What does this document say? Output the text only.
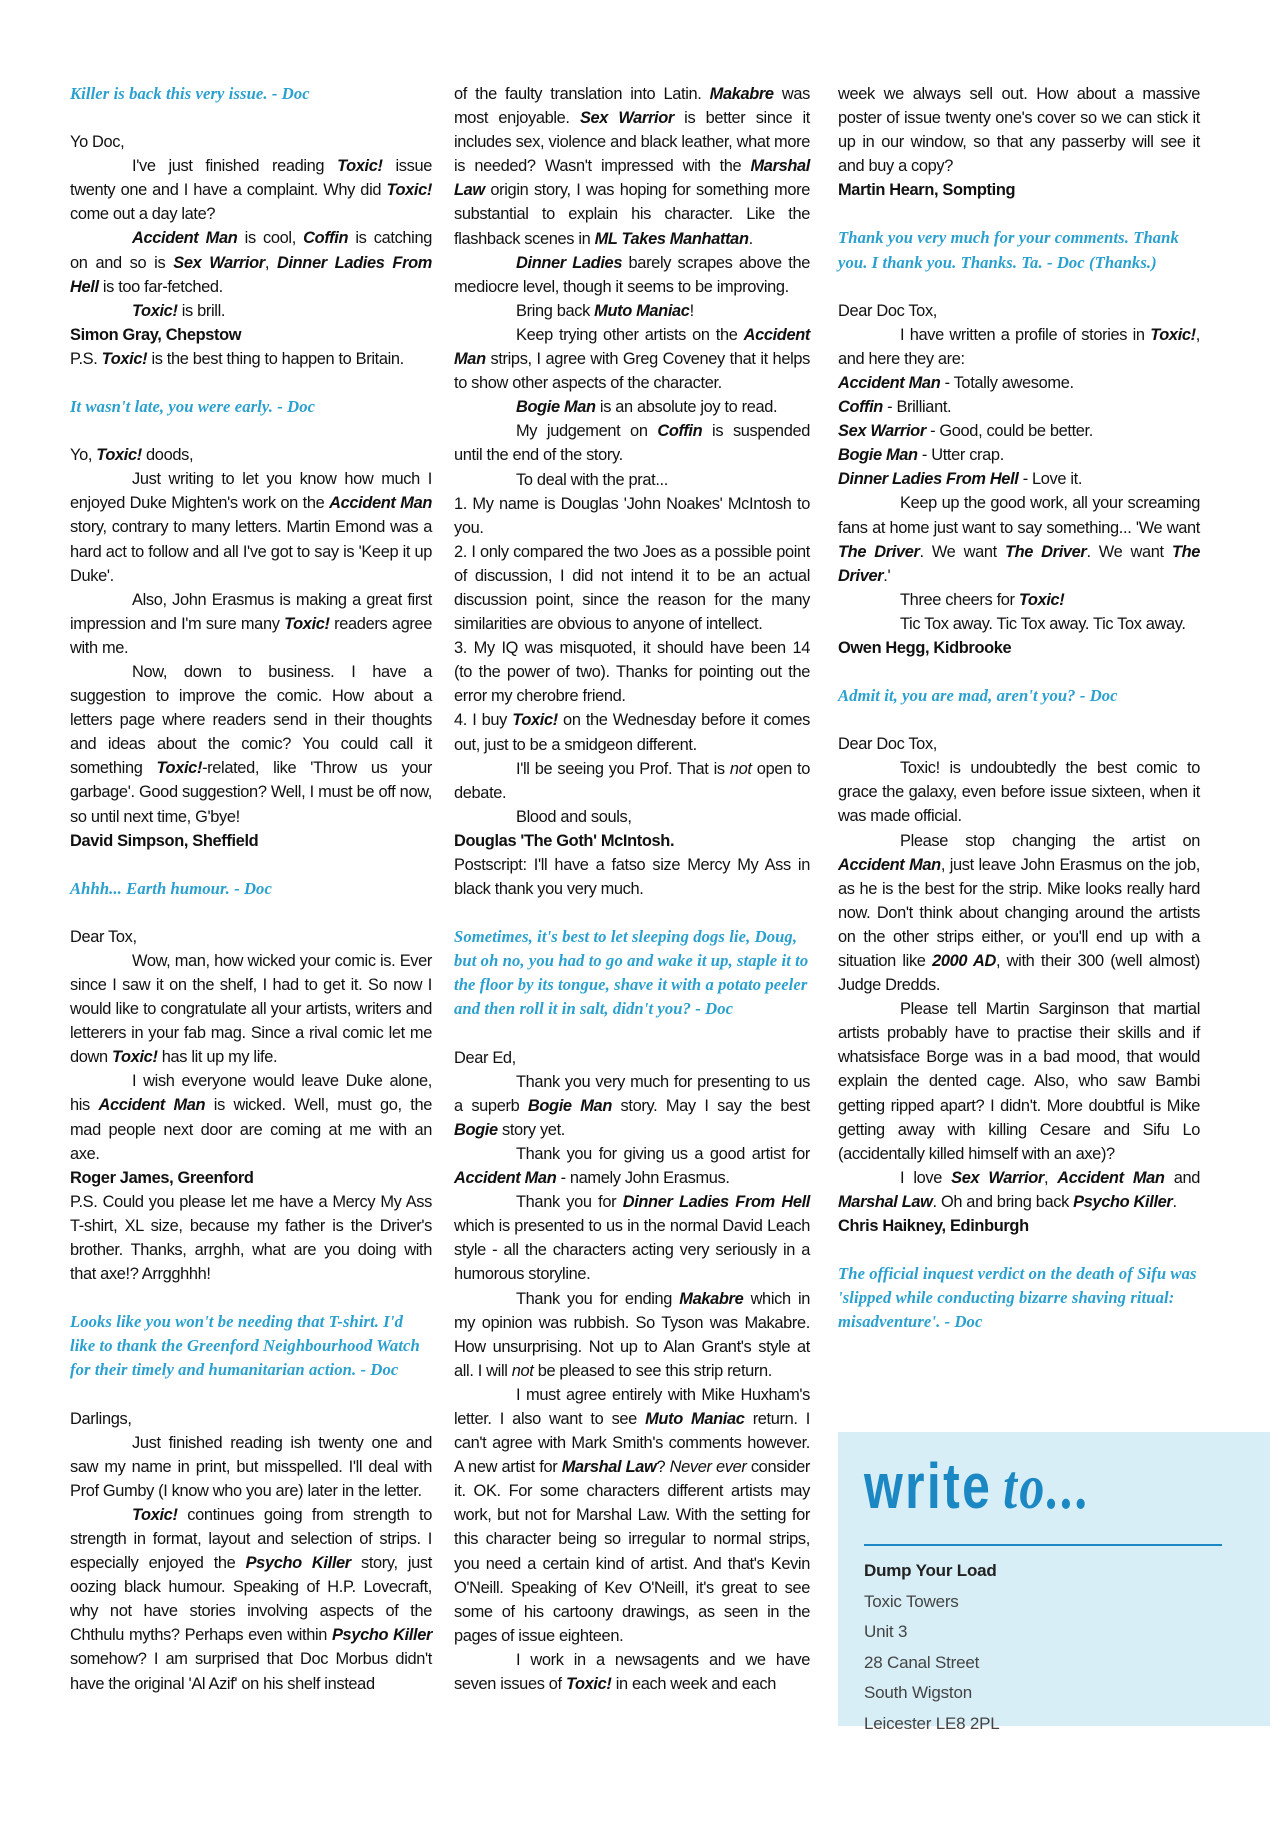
Killer is back this very issue. - Doc
Yo Doc,
I've just finished reading Toxic! issue twenty one and I have a complaint. Why did Toxic! come out a day late?
Accident Man is cool, Coffin is catching on and so is Sex Warrior, Dinner Ladies From Hell is too far-fetched.
Toxic! is brill.
Simon Gray, Chepstow
P.S. Toxic! is the best thing to happen to Britain.
It wasn't late, you were early. - Doc
Yo, Toxic! doods,
Just writing to let you know how much I enjoyed Duke Mighten's work on the Accident Man story, contrary to many letters. Martin Emond was a hard act to follow and all I've got to say is 'Keep it up Duke'.
Also, John Erasmus is making a great first impression and I'm sure many Toxic! readers agree with me.
Now, down to business. I have a suggestion to improve the comic. How about a letters page where readers send in their thoughts and ideas about the comic? You could call it something Toxic!-related, like 'Throw us your garbage'. Good suggestion? Well, I must be off now, so until next time, G'bye!
David Simpson, Sheffield
Ahhh... Earth humour. - Doc
Dear Tox,
Wow, man, how wicked your comic is. Ever since I saw it on the shelf, I had to get it. So now I would like to congratulate all your artists, writers and letterers in your fab mag. Since a rival comic let me down Toxic! has lit up my life.
I wish everyone would leave Duke alone, his Accident Man is wicked. Well, must go, the mad people next door are coming at me with an axe.
Roger James, Greenford
P.S. Could you please let me have a Mercy My Ass T-shirt, XL size, because my father is the Driver's brother. Thanks, arrghh, what are you doing with that axe!? Arrgghhh!
Looks like you won't be needing that T-shirt. I'd like to thank the Greenford Neighbourhood Watch for their timely and humanitarian action. - Doc
Darlings,
Just finished reading ish twenty one and saw my name in print, but misspelled. I'll deal with Prof Gumby (I know who you are) later in the letter.
Toxic! continues going from strength to strength in format, layout and selection of strips. I especially enjoyed the Psycho Killer story, just oozing black humour. Speaking of H.P. Lovecraft, why not have stories involving aspects of the Chthulu myths? Perhaps even within Psycho Killer somehow? I am surprised that Doc Morbus didn't have the original 'Al Azif' on his shelf instead
of the faulty translation into Latin. Makabre was most enjoyable. Sex Warrior is better since it includes sex, violence and black leather, what more is needed? Wasn't impressed with the Marshal Law origin story, I was hoping for something more substantial to explain his character. Like the flashback scenes in ML Takes Manhattan.
Dinner Ladies barely scrapes above the mediocre level, though it seems to be improving.
Bring back Muto Maniac!
Keep trying other artists on the Accident Man strips, I agree with Greg Coveney that it helps to show other aspects of the character.
Bogie Man is an absolute joy to read.
My judgement on Coffin is suspended until the end of the story.
To deal with the prat...
1. My name is Douglas 'John Noakes' McIntosh to you.
2. I only compared the two Joes as a possible point of discussion, I did not intend it to be an actual discussion point, since the reason for the many similarities are obvious to anyone of intellect.
3. My IQ was misquoted, it should have been 14 (to the power of two). Thanks for pointing out the error my cherobre friend.
4. I buy Toxic! on the Wednesday before it comes out, just to be a smidgeon different.
I'll be seeing you Prof. That is not open to debate.
Blood and souls,
Douglas 'The Goth' McIntosh.
Postscript: I'll have a fatso size Mercy My Ass in black thank you very much.
Sometimes, it's best to let sleeping dogs lie, Doug, but oh no, you had to go and wake it up, staple it to the floor by its tongue, shave it with a potato peeler and then roll it in salt, didn't you? - Doc
Dear Ed,
Thank you very much for presenting to us a superb Bogie Man story. May I say the best Bogie story yet.
Thank you for giving us a good artist for Accident Man - namely John Erasmus.
Thank you for Dinner Ladies From Hell which is presented to us in the normal David Leach style - all the characters acting very seriously in a humorous storyline.
Thank you for ending Makabre which in my opinion was rubbish. So Tyson was Makabre. How unsurprising. Not up to Alan Grant's style at all. I will not be pleased to see this strip return.
I must agree entirely with Mike Huxham's letter. I also want to see Muto Maniac return. I can't agree with Mark Smith's comments however. A new artist for Marshal Law? Never ever consider it. OK. For some characters different artists may work, but not for Marshal Law. With the setting for this character being so irregular to normal strips, you need a certain kind of artist. And that's Kevin O'Neill. Speaking of Kev O'Neill, it's great to see some of his cartoony drawings, as seen in the pages of issue eighteen.
I work in a newsagents and we have seven issues of Toxic! in each week and each
week we always sell out. How about a massive poster of issue twenty one's cover so we can stick it up in our window, so that any passerby will see it and buy a copy?
Martin Hearn, Sompting
Thank you very much for your comments. Thank you. I thank you. Thanks. Ta. - Doc (Thanks.)
Dear Doc Tox,
I have written a profile of stories in Toxic!, and here they are:
Accident Man - Totally awesome.
Coffin - Brilliant.
Sex Warrior - Good, could be better.
Bogie Man - Utter crap.
Dinner Ladies From Hell - Love it.
Keep up the good work, all your screaming fans at home just want to say something... 'We want The Driver. We want The Driver. We want The Driver.'
Three cheers for Toxic!
Tic Tox away. Tic Tox away. Tic Tox away.
Owen Hegg, Kidbrooke
Admit it, you are mad, aren't you? - Doc
Dear Doc Tox,
Toxic! is undoubtedly the best comic to grace the galaxy, even before issue sixteen, when it was made official.
Please stop changing the artist on Accident Man, just leave John Erasmus on the job, as he is the best for the strip. Mike looks really hard now. Don't think about changing around the artists on the other strips either, or you'll end up with a situation like 2000 AD, with their 300 (well almost) Judge Dredds.
Please tell Martin Sarginson that martial artists probably have to practise their skills and if whatsisface Borge was in a bad mood, that would explain the dented cage. Also, who saw Bambi getting ripped apart? I didn't. More doubtful is Mike getting away with killing Cesare and Sifu Lo (accidentally killed himself with an axe)?
I love Sex Warrior, Accident Man and Marshal Law. Oh and bring back Psycho Killer.
Chris Haikney, Edinburgh
The official inquest verdict on the death of Sifu was 'slipped while conducting bizarre shaving ritual: misadventure'. - Doc
write to...
Dump Your Load
Toxic Towers
Unit 3
28 Canal Street
South Wigston
Leicester LE8 2PL
